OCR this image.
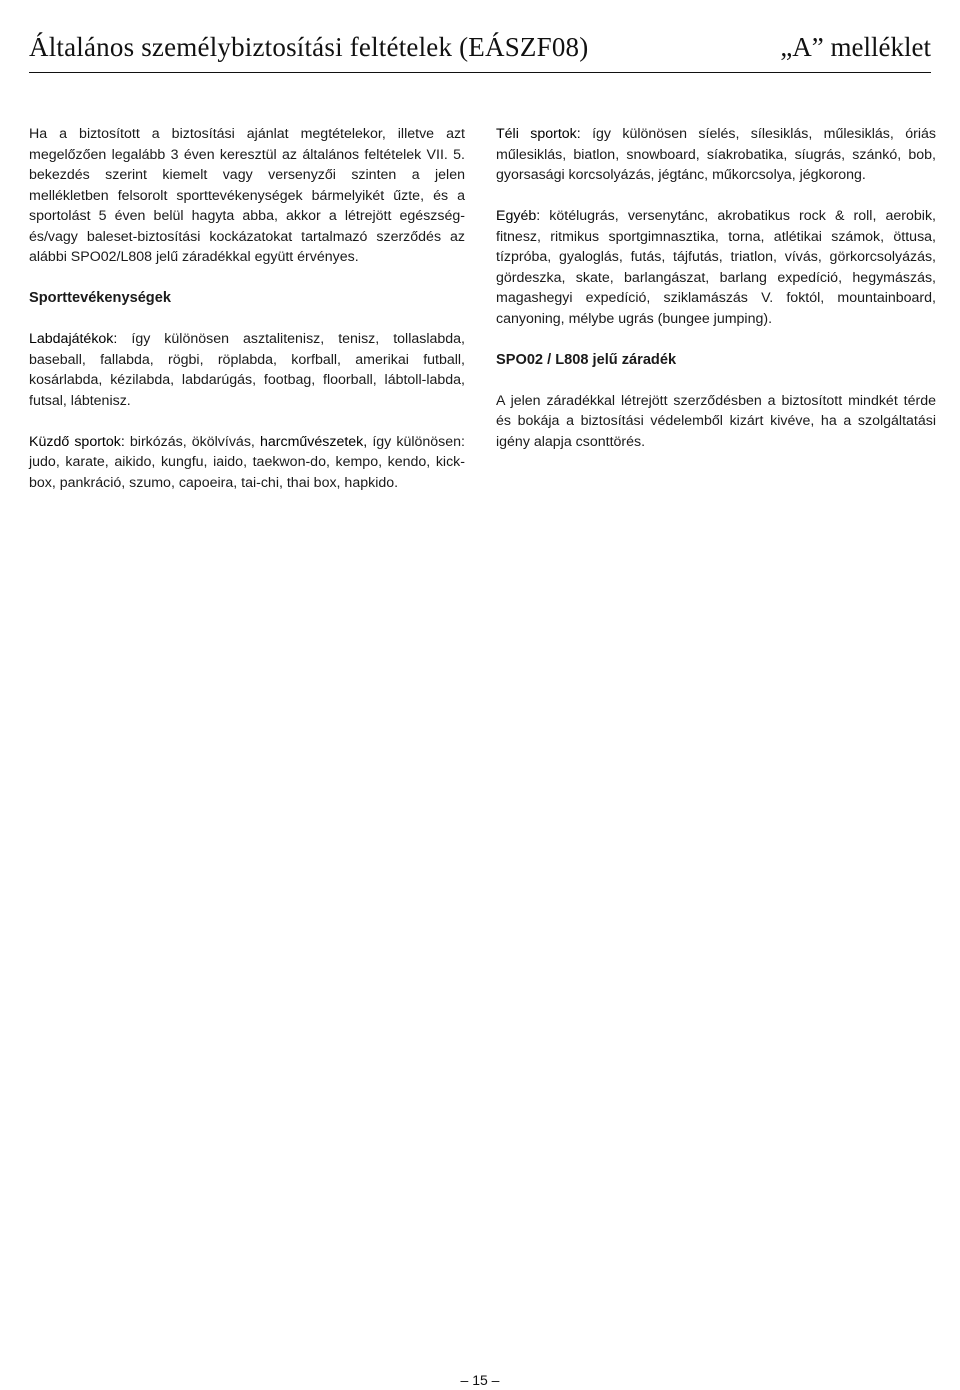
Általános személybiztosítási feltételek (EÁSZF08)	„A” melléklet

Ha a biztosított a biztosítási ajánlat megtételekor, illetve azt megelőzően legalább 3 éven keresztül az általános feltételek VII. 5. bekezdés szerint kiemelt vagy versenyzői szinten a jelen mellékletben felsorolt sporttevékenységek bármelyikét űzte, és a sportolást 5 éven belül hagyta abba, akkor a létrejött egészség- és/vagy baleset-biztosítási kockázatokat tartalmazó szerződés az alábbi SPO02/L808 jelű záradékkal együtt érvényes.

Sporttevékenységek

Labdajátékok: így különösen asztalitenisz, tenisz, tollaslabda, baseball, fallabda, rögbi, röplabda, korfball, amerikai futball, kosárlabda, kézilabda, labdarúgás, footbag, floorball, lábtoll-labda, futsal, lábtenisz.

Küzdő sportok: birkózás, ökölvívás, harcművészetek, így különösen: judo, karate, aikido, kungfu, iaido, taekwon-do, kempo, kendo, kick-box, pankráció, szumo, capoeira, tai-chi, thai box, hapkido.

Téli sportok: így különösen síelés, sílesiklás, műlesiklás, óriás műlesiklás, biatlon, snowboard, síakrobatika, síugrás, szánkó, bob, gyorsasági korcsolyázás, jégtánc, műkorcsolya, jégkorong.

Egyéb: kötélugrás, versenytánc, akrobatikus rock & roll, aerobik, fitnesz, ritmikus sportgimnasztika, torna, atlétikai számok, öttusa, tízpróba, gyaloglás, futás, tájfutás, triatlon, vívás, görkorcsolyázás, gördeszka, skate, barlangászat, barlang expedíció, hegymászás, magashegyi expedíció, sziklamászás V. foktól, mountainboard, canyoning, mélybe ugrás (bungee jumping).

SPO02 / L808 jelű záradék

A jelen záradékkal létrejött szerződésben a biztosított mindkét térde és bokája a biztosítási védelemből kizárt kivéve, ha a szolgáltatási igény alapja csonttörés.

– 15 –
